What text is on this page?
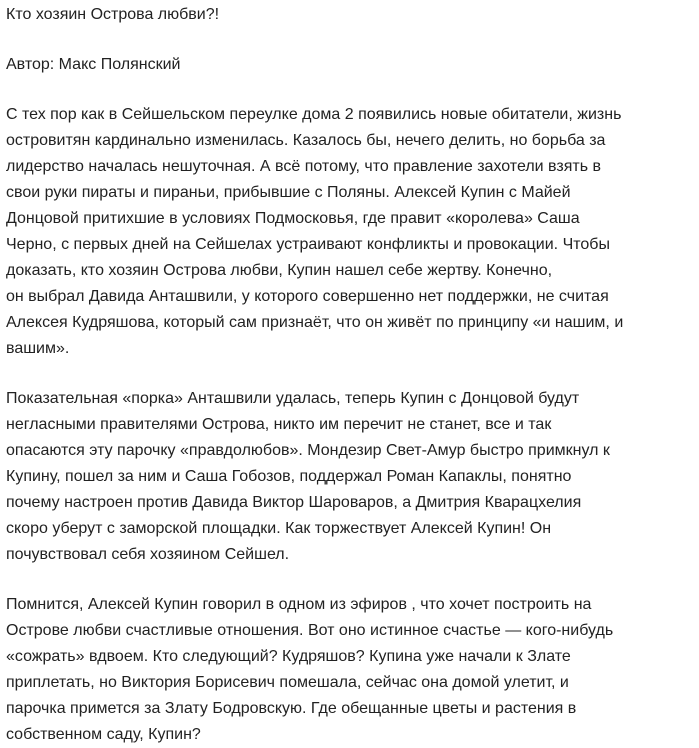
Кто хозяин Острова любви?!

Автор: Макс Полянский

С тех пор как в Сейшельском переулке дома 2 появились новые обитатели, жизнь
островитян кардинально изменилась. Казалось бы, нечего делить, но борьба за
лидерство началась нешуточная. А всё потому, что правление захотели взять в
свои руки пираты и пираньи, прибывшие с Поляны. Алексей Купин с Майей
Донцовой притихшие в условиях Подмосковья, где правит «королева» Саша
Черно, с первых дней на Сейшелах устраивают конфликты и провокации. Чтобы
доказать, кто хозяин Острова любви, Купин нашел себе жертву. Конечно,
он выбрал Давида Анташвили, у которого совершенно нет поддержки, не считая
Алексея Кудряшова, который сам признаёт, что он живёт по принципу «и нашим, и
вашим».

Показательная «порка» Анташвили удалась, теперь Купин с Донцовой будут
негласными правителями Острова, никто им перечит не станет, все и так
опасаются эту парочку «правдолюбов». Мондезир Свет-Амур быстро примкнул к
Купину, пошел за ним и Саша Гобозов, поддержал Роман Капаклы, понятно
почему настроен против Давида Виктор Шароваров, а Дмитрия Кварацхелия
скоро уберут с заморской площадки. Как торжествует Алексей Купин! Он
почувствовал себя хозяином Сейшел.

Помнится, Алексей Купин говорил в одном из эфиров , что хочет построить на
Острове любви счастливые отношения. Вот оно истинное счастье — кого-нибудь
«сожрать» вдвоем. Кто следующий? Кудряшов? Купина уже начали к Злате
приплетать, но Виктория Борисевич помешала, сейчас она домой улетит, и
парочка примется за Злату Бодровскую. Где обещанные цветы и растения в
собственном саду, Купин?
